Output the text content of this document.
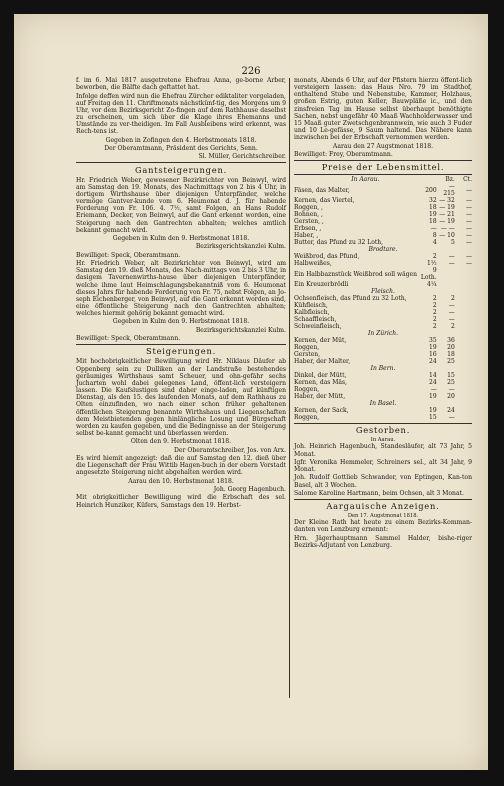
226

f. im 6. Mai 1817 ausgetretene Ehefrau Anna, ge-borne Arber, beworben, die Bälfte dach geftattet hat.

Infolge deffen wird nun die Ehefrau Zürcher ediktaliter vorgeladen, auf Freitag den 11. Chriftmonats nächstkünf-tig, des Morgens um 9 Uhr, vor dem Bezirksgericht Zo-fingen auf dem Rathhause daselbst zu erscheinen, um sich über die Klage ihres Ehemanns und Umstände zu ver-theidigen. Im Fall Ausbleibens wird erkennt, was Rech-tens ist.

Gegeben in Zofingen den 4. Herbstmonats 1818.

Der Oberamtmann, Präsident des Gerichts, Senn.

Sl. Müller, Gerichtschreiber.

Gantsteigerungen.

Hr. Friedrich Weber, gewesener Bezirkrichter von Beinwyl, wird am Samstag den 19. Monats, des Nachmittags von 2 bis 4 Uhr, in dortigem Wirthshause über diejenigen Unterpfänder, welche vermöge Gantver-kunde vom 6. Heumonat d. J. für habende Forderung von Fr. 106. 4. 7½, samt Folgen, an Hans Rudolf Eriemann, Decker, von Beinwyl, auf die Gant erkennt worden, eine Steigerung nach den Gantrechten abhalten; welches amtlich bekannt gemacht wird.

Gegeben in Kulm den 9. Herbstmonat 1818.

Bezirksgerichtskanzlei Kulm.

Bewilliget: Speck, Oberamtmann.

Hr. Friedrich Weber, alt Bezirkrichter von Beinwyl, wird am Samstag den 19. dieß Monats, des Nach-mittags von 2 bis 3 Uhr, in dasigem Tavernenwirths-hause über diejenigen Unterpfänder, welche ihme laut Heimschlagungsbekanntniß vom 6. Heumonat dieses Jahrs für habende Forderung von Fr. 75, nebst Folgen, an Jo-seph Eichenberger, von Beinwyl, auf die Gant erkennt worden sind, eine öffentliche Steigerung nach den Gantrechten abhalten; welches hiermit gehörig bekannt gemacht wird.

Gegeben in Kulm den 9. Herbstmonat 1818.

Bezirksgerichtskanzlei Kulm.

Bewilliget: Speck, Oberamtmann.

Steigerungen.

Mit hochobrigkeitlicher Bewilligung wird Hr. Niklaus Däufer ab Oppenberg sein zu Dulliken an der Landstraße bestehendes geräumiges Wirthshaus samt Scheuer, und ohn-gefähr sechs Jucharten wohl dabei gelegenes Land, öffent-lich versteigern lassen. Die Kaufslustigen sind daher einge-laden, auf künftigen Dienstag, als den 15. des laufenden Monats, auf dem Rathhaus zu Olten einzufinden, wo nach einer schon früher gehaltenen öffentlichen Steigerung benannte Wirthshaus und Liegenschaften dem Meistbietenden gegen hinlängliche Losung und Bürgschaft worden zu kaufen gegeben, und die Bedingnisse an der Steigerung selbst be-kannt gemacht und überlassen werden.

Olten den 9. Herbstmonat 1818.

Der Oberamtschreiber, Jos. von Arx.

Es wird hiemit angezeigt: daß die auf Samstag den 12. dieß über die Liegenschaft der Frau Wittib Hagen-buch in der obern Vorstadt angesetzte Steigerung nicht abgehalten werden wird.

Aarau den 10. Herbstmonat 1818.

Joh. Georg Hagenbuch.

Mit obrigkeitlicher Bewilligung wird die Erbschaft des sel. Heinrich Hunziker, Küfers, Samstags den 19. Herbst-

monats, Abends 6 Uhr, auf der Pfistern hierzu öffent-lich versteigern lassen: das Haus Nro. 79 im Stadthof, enthaltend Stube und Nebenstube, Kammer, Holzhaus, großen Estrig, guten Keller, Bauwpläße ic., und den zinsfreien Tag im Hause selbst überhaupt benöthigte Sachen, nebst ungefähr 40 Maaß Wachholderwasser und 15 Maaß guter Zwetschgenbrannwein, wie auch 3 Fuder und 10 Le-gefässe, 9 Saum haltend. Das Nähere kann inzwischen bei der Erbschaft vernommen werden.

Aarau den 27 Augstmonat 1818.

Bewilliget: Frey, Oberamtmann.

Preise der Lebensmittel.
In Aarau.		Bz.	Ct.
Fäsen, das Malter,	200	— 215	—
Kernen, das Viertel,	32	— 32	—
Roggen, ,	18	— 19	—
Bohnen, ,	19	— 21	—
Gersten, ,	18	— 19	—
Erbsen, ,	—	— —	—
Haber, ,	8	— 10	—
Butter, das Pfund zu 32 Loth,	4	5	—
Brodtare.			
Weißbrod, das Pfund,	2	—	—
Halbweißes,	1½	—	—
Ein Halbbaznstück Weißbrod soll wägen	9 Loth.		
Ein Kreuzerbrödli	4¼		
Fleisch.			
Ochsenfleisch, das Pfund zu 32 Loth,	2	2	
Kühfleisch,	2	—	
Kalbfleisch,	2	—	
Schaaffleisch,	2	—	
Schweinfleisch,	2	2	
In Zürich.			
Kernen, der Müt,	35	36	
Roggen,	19	20	
Gersten,	16	18	
Haber, der Malter,	24	25	
In Bern.			
Dinkel, der Mütt,	14	15	
Kernen, das Mäs,	24	25	
Roggen,	—	—	
Haber, der Mütt,	19	20	
In Basel.			
Kernen, der Sack,	19	24	
Roggen,	15	—	
Gestorben.
In Aarau.

Joh. Heinrich Hagenbuch, Standesläufer, alt 73 Jahr, 5 Monat.

Igfr. Veronika Hemmeler, Schreiners sel., alt 34 Jahr, 9 Monat.

Joh. Rudolf Gottlieb Schwander, von Eptingen, Kan-ton Basel, alt 3 Wochen.

Salome Karoline Hartmann, beim Ochsen, alt 3 Monat.

Aargauische Anzeigen.
Den 17. Augstmonat 1818.

Der Kleine Rath hat heute zu einem Bezirks-Komman-danten von Lenzburg ernennt:

Hrn. Jägerhauptmann Sammel Halder, bishe-riger Bezirks-Adjutant von Lenzburg.
